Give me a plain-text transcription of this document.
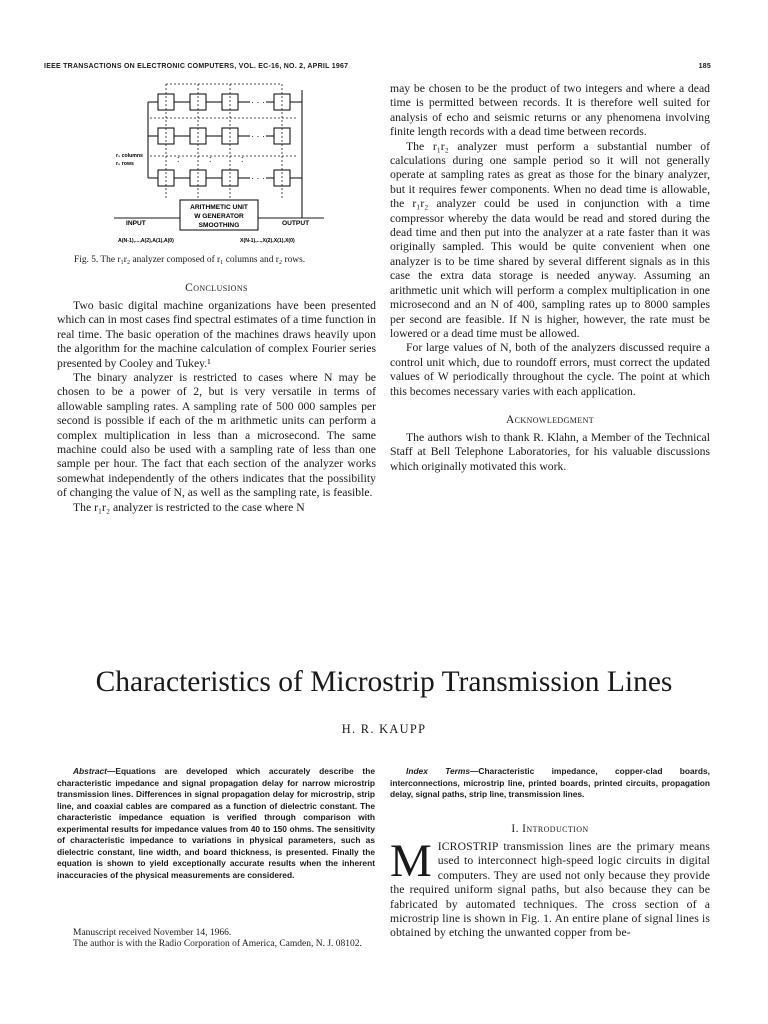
IEEE TRANSACTIONS ON ELECTRONIC COMPUTERS, VOL. EC-16, NO. 2, APRIL 1967	185
· · ·
· · ·
· · ·
:	:	:
r₁ columns
r₂ rows
ARITHMETIC UNIT
W GENERATOR
SMOOTHING
INPUT	OUTPUT
A(N-1),...,A(2),A(1),A(0)	X(N-1),...,X(2),X(1),X(0)
Fig. 5. The r₁r₂ analyzer composed of r₁ columns and r₂ rows.
Conclusions

Two basic digital machine organizations have been presented which can in most cases find spectral estimates of a time function in real time. The basic operation of the machines draws heavily upon the algorithm for the machine calculation of complex Fourier series presented by Cooley and Tukey.¹

The binary analyzer is restricted to cases where N may be chosen to be a power of 2, but is very versatile in terms of allowable sampling rates. A sampling rate of 500 000 samples per second is possible if each of the m arithmetic units can perform a complex multiplication in less than a microsecond. The same machine could also be used with a sampling rate of less than one sample per hour. The fact that each section of the analyzer works somewhat independently of the others indicates that the possibility of changing the value of N, as well as the sampling rate, is feasible.

The r₁r₂ analyzer is restricted to the case where N

may be chosen to be the product of two integers and where a dead time is permitted between records. It is therefore well suited for analysis of echo and seismic returns or any phenomena involving finite length records with a dead time between records.

The r₁r₂ analyzer must perform a substantial number of calculations during one sample period so it will not generally operate at sampling rates as great as those for the binary analyzer, but it requires fewer components. When no dead time is allowable, the r₁r₂ analyzer could be used in conjunction with a time compressor whereby the data would be read and stored during the dead time and then put into the analyzer at a rate faster than it was originally sampled. This would be quite convenient when one analyzer is to be time shared by several different signals as in this case the extra data storage is needed anyway. Assuming an arithmetic unit which will perform a complex multiplication in one microsecond and an N of 400, sampling rates up to 8000 samples per second are feasible. If N is higher, however, the rate must be lowered or a dead time must be allowed.

For large values of N, both of the analyzers discussed require a control unit which, due to roundoff errors, must correct the updated values of W periodically throughout the cycle. The point at which this becomes necessary varies with each application.

Acknowledgment

The authors wish to thank R. Klahn, a Member of the Technical Staff at Bell Telephone Laboratories, for his valuable discussions which originally motivated this work.

Characteristics of Microstrip Transmission Lines
H. R. KAUPP
Abstract—Equations are developed which accurately describe the characteristic impedance and signal propagation delay for narrow microstrip transmission lines. Differences in signal propagation delay for microstrip, strip line, and coaxial cables are compared as a function of dielectric constant. The characteristic impedance equation is verified through comparison with experimental results for impedance values from 40 to 150 ohms. The sensitivity of characteristic impedance to variations in physical parameters, such as dielectric constant, line width, and board thickness, is presented. Finally the equation is shown to yield exceptionally accurate results when the inherent inaccuracies of the physical measurements are considered.
Manuscript received November 14, 1966.
The author is with the Radio Corporation of America, Camden, N. J. 08102.
Index Terms—Characteristic impedance, copper-clad boards, interconnections, microstrip line, printed boards, printed circuits, propagation delay, signal paths, strip line, transmission lines.
I. Introduction
MICROSTRIP transmission lines are the primary means used to interconnect high-speed logic circuits in digital computers. They are used not only because they provide the required uniform signal paths, but also because they can be fabricated by automated techniques. The cross section of a microstrip line is shown in Fig. 1. An entire plane of signal lines is obtained by etching the unwanted copper from be-
